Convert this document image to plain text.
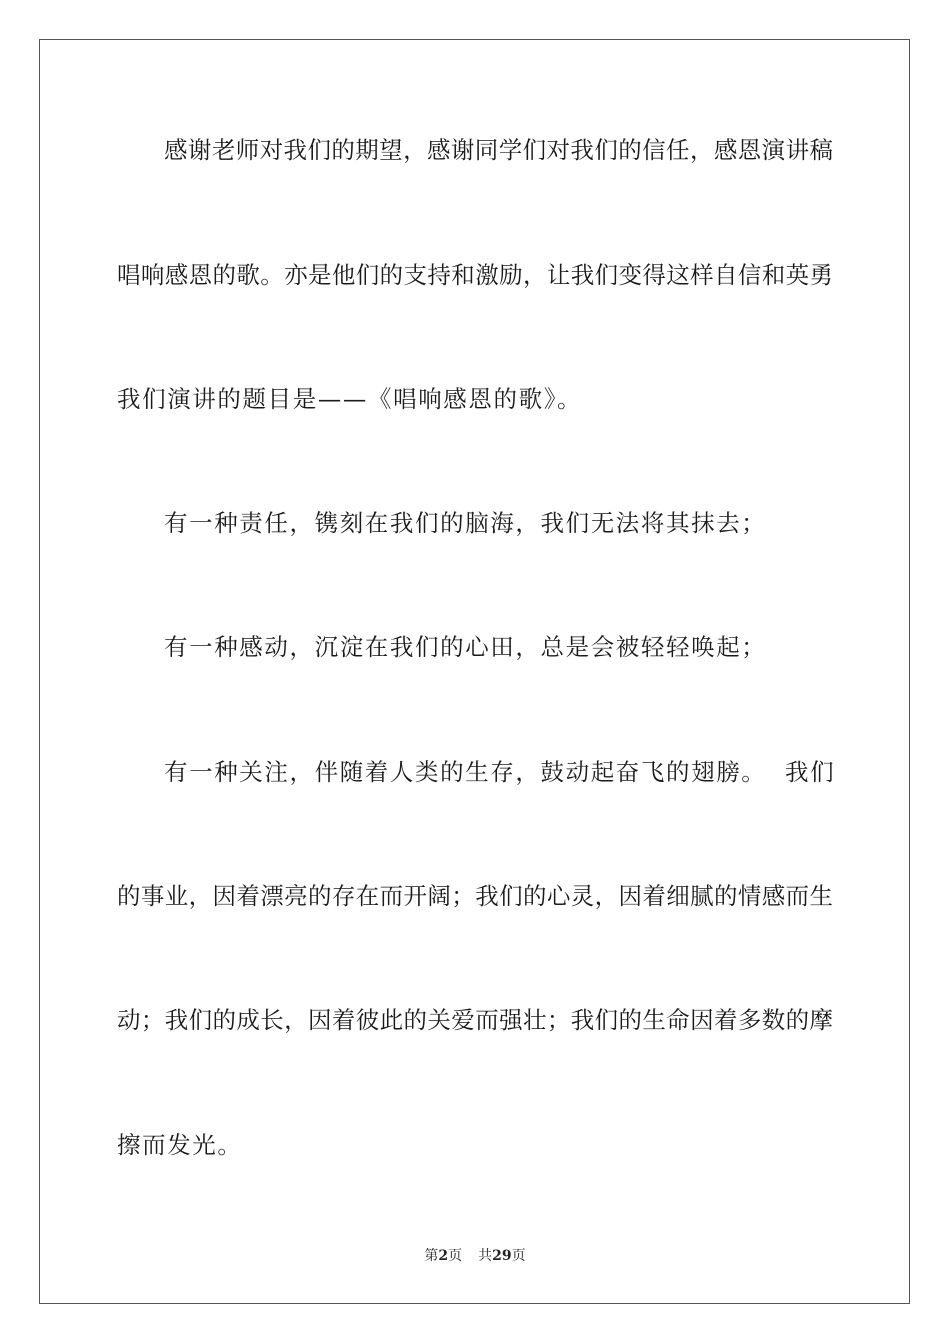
感谢老师对我们的期望，感谢同学们对我们的信任，感恩演讲稿
唱响感恩的歌。亦是他们的支持和激励，让我们变得这样自信和英勇
我们演讲的题目是——《唱响感恩的歌》。
有一种责任，镌刻在我们的脑海，我们无法将其抹去；
有一种感动，沉淀在我们的心田，总是会被轻轻唤起；
有一种关注，伴随着人类的生存，鼓动起奋飞的翅膀。 我们
的事业，因着漂亮的存在而开阔；我们的心灵，因着细腻的情感而生
动；我们的成长，因着彼此的关爱而强壮；我们的生命因着多数的摩
擦而发光。
第2页 共29页
